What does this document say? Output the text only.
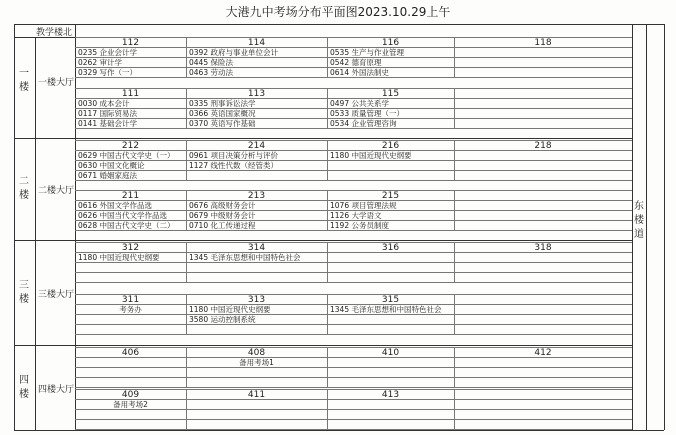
大港九中考场分布平面图2023.10.29上午
教学楼北
东楼道
一楼 一楼大厅
112
0235 企业会计学
0262 审计学
0329 写作（一）
114
0392 政府与事业单位会计
0445 保险法
0463 劳动法
116
0535 生产与作业管理
0542 德育原理
0614 外国法制史
118
111
0030 成本会计
0117 国际贸易法
0141 基础会计学
113
0335 刑事诉讼法学
0366 英语国家概况
0370 英语写作基础
115
0497 公共关系学
0533 质量管理（一）
0534 企业管理咨询
二楼 二楼大厅
212
0629 中国古代文学史（一）
0630 中国文化概论
0671 婚姻家庭法
214
0961 项目决策分析与评价
1127 线性代数（经管类）
216
1180 中国近现代史纲要
218
211
0616 外国文学作品选
0626 中国当代文学作品选
0628 中国古代文学史（二）
213
0676 高级财务会计
0679 中级财务会计
0710 化工传递过程
215
1076 项目管理法规
1126 大学语文
1192 公务员制度
三楼 三楼大厅
312
1180 中国近现代史纲要
314
1345 毛泽东思想和中国特色社会
316	318
311
考务办
313
1180 中国近现代史纲要
3580 运动控制系统
315
1345 毛泽东思想和中国特色社会
四楼 四楼大厅
406	408
备用考场1
410	412
409
备用考场2
411	413
